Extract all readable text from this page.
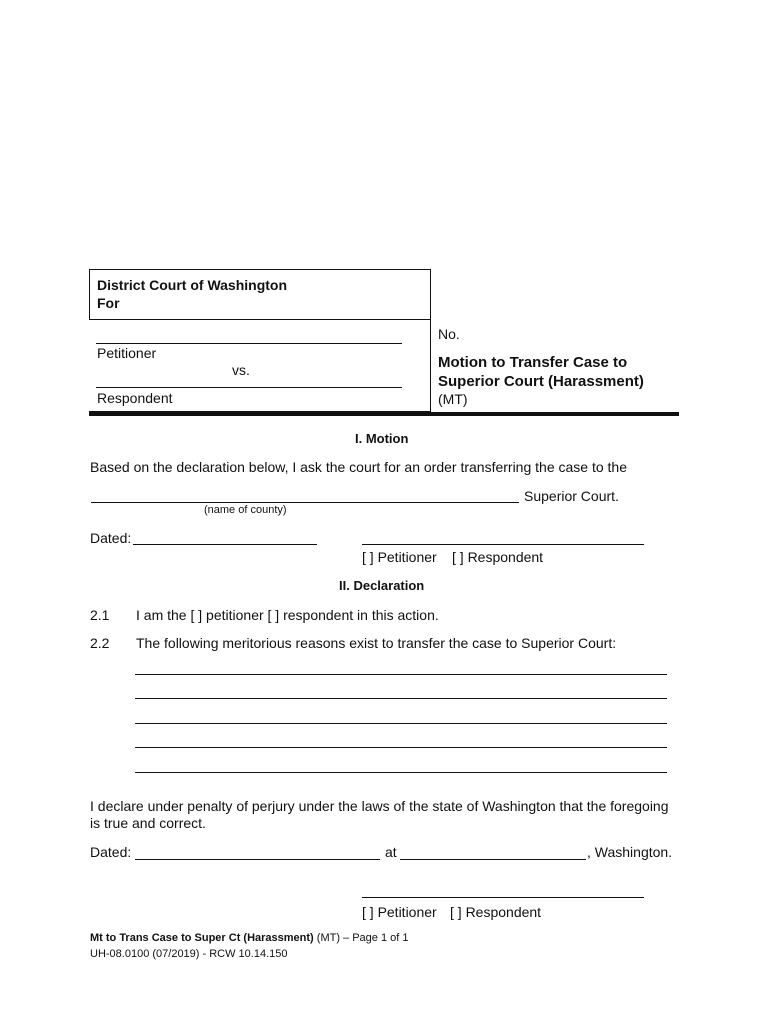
District Court of Washington
For
Petitioner
vs.
Respondent
No.
Motion to Transfer Case to
Superior Court (Harassment)
(MT)
I. Motion
Based on the declaration below, I ask the court for an order transferring the case to the
Superior Court.
(name of county)
Dated:
[ ] Petitioner [ ] Respondent
II. Declaration
2.1 I am the [ ] petitioner [ ] respondent in this action.
2.2 The following meritorious reasons exist to transfer the case to Superior Court:
I declare under penalty of perjury under the laws of the state of Washington that the foregoing
is true and correct.
Dated:	at	, Washington.
[ ] Petitioner [ ] Respondent
Mt to Trans Case to Super Ct (Harassment) (MT) – Page 1 of 1
UH-08.0100 (07/2019) - RCW 10.14.150
